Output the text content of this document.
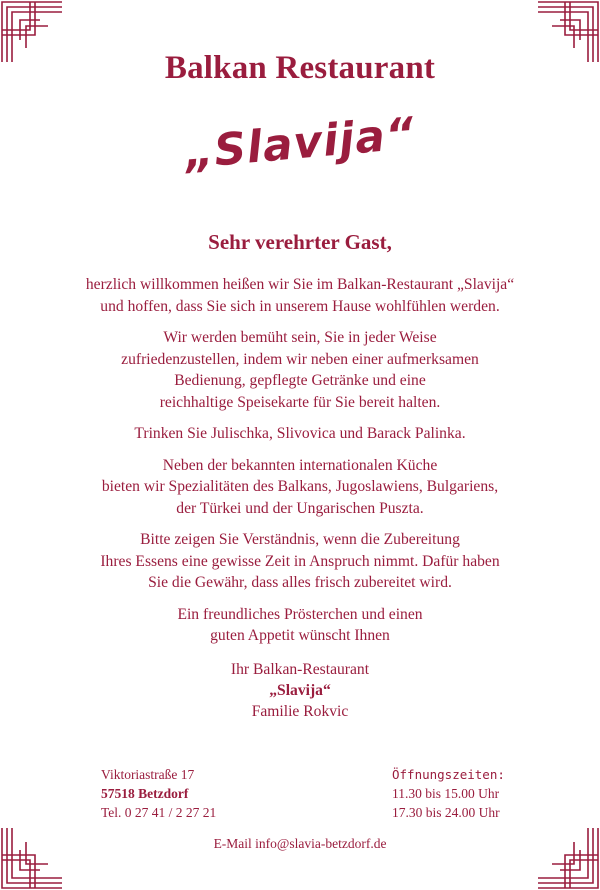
Balkan Restaurant
„Slavija“
Sehr verehrter Gast,

herzlich willkommen heißen wir Sie im Balkan-Restaurant „Slavija“
und hoffen, dass Sie sich in unserem Hause wohlfühlen werden.

Wir werden bemüht sein, Sie in jeder Weise
zufriedenzustellen, indem wir neben einer aufmerksamen
Bedienung, gepflegte Getränke und eine
reichhaltige Speisekarte für Sie bereit halten.

Trinken Sie Julischka, Slivovica und Barack Palinka.

Neben der bekannten internationalen Küche
bieten wir Spezialitäten des Balkans, Jugoslawiens, Bulgariens,
der Türkei und der Ungarischen Puszta.

Bitte zeigen Sie Verständnis, wenn die Zubereitung
Ihres Essens eine gewisse Zeit in Anspruch nimmt. Dafür haben
Sie die Gewähr, dass alles frisch zubereitet wird.

Ein freundliches Prösterchen und einen
guten Appetit wünscht Ihnen

Ihr Balkan-Restaurant
„Slavija“
Familie Rokvic
Viktoriastraße 17
57518 Betzdorf
Tel. 0 27 41 / 2 27 21
Öffnungszeiten:
11.30 bis 15.00 Uhr
17.30 bis 24.00 Uhr
E-Mail info@slavia-betzdorf.de
